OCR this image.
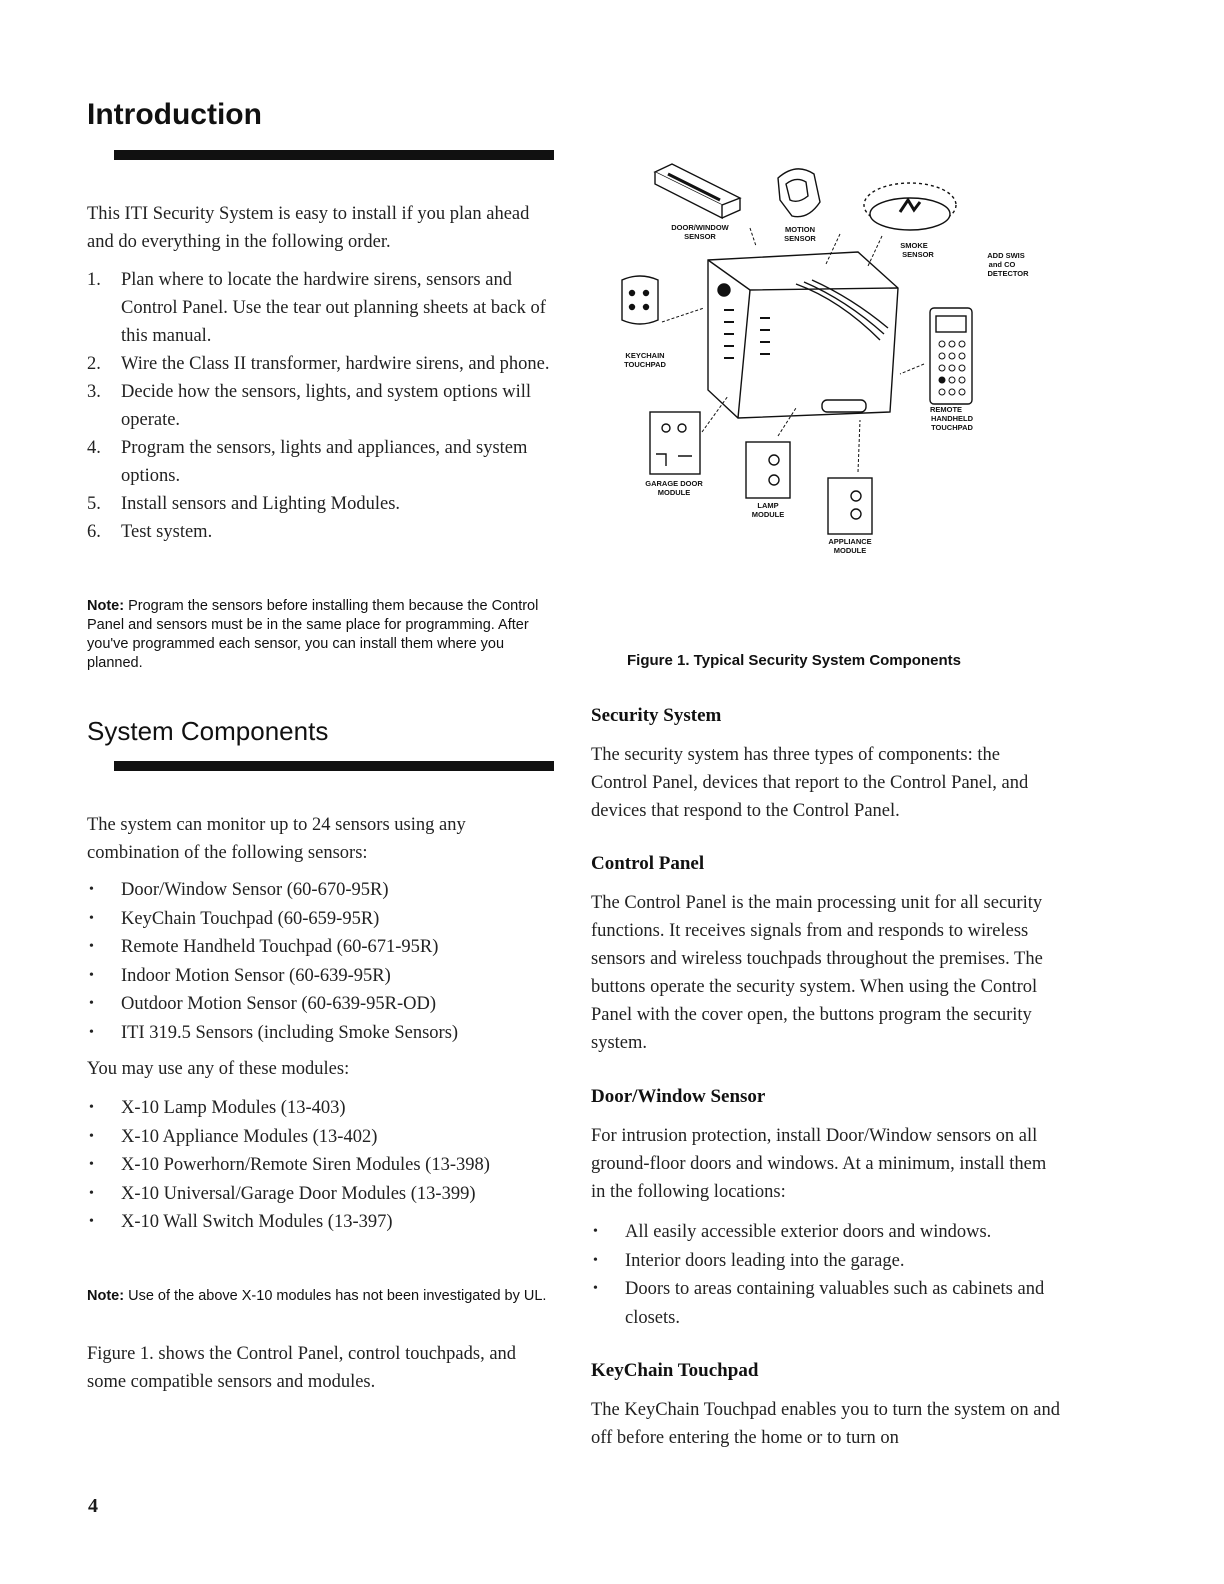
Introduction

This ITI Security System is easy to install if you plan ahead and do everything in the following order.

1. Plan where to locate the hardwire sirens, sensors and Control Panel. Use the tear out planning sheets at back of this manual.
2. Wire the Class II transformer, hardwire sirens, and phone.
3. Decide how the sensors, lights, and system options will operate.
4. Program the sensors, lights and appliances, and system options.
5. Install sensors and Lighting Modules.
6. Test system.

Note: Program the sensors before installing them because the Control Panel and sensors must be in the same place for programming. After you've programmed each sensor, you can install them where you planned.

System Components

The system can monitor up to 24 sensors using any combination of the following sensors:

• Door/Window Sensor (60-670-95R)
• KeyChain Touchpad (60-659-95R)
• Remote Handheld Touchpad (60-671-95R)
• Indoor Motion Sensor (60-639-95R)
• Outdoor Motion Sensor (60-639-95R-OD)
• ITI 319.5 Sensors (including Smoke Sensors)

You may use any of these modules:

• X-10 Lamp Modules (13-403)
• X-10 Appliance Modules (13-402)
• X-10 Powerhorn/Remote Siren Modules (13-398)
• X-10 Universal/Garage Door Modules (13-399)
• X-10 Wall Switch Modules (13-397)

Note: Use of the above X-10 modules has not been investigated by UL.

Figure 1. shows the Control Panel, control touchpads, and some compatible sensors and modules.

4
DOOR/WINDOW
SENSOR
MOTION
SENSOR
SMOKE
SENSOR	ADD SWIS
and CO
DETECTOR
KEYCHAIN
TOUCHPAD
REMOTE
HANDHELD
TOUCHPAD
GARAGE DOOR
MODULE
LAMP
MODULE
APPLIANCE
MODULE
Figure 1. Typical Security System Components
Security System

The security system has three types of components: the Control Panel, devices that report to the Control Panel, and devices that respond to the Control Panel.

Control Panel

The Control Panel is the main processing unit for all security functions. It receives signals from and responds to wireless sensors and wireless touchpads throughout the premises. The buttons operate the security system. When using the Control Panel with the cover open, the buttons program the security system.

Door/Window Sensor

For intrusion protection, install Door/Window sensors on all ground-floor doors and windows. At a minimum, install them in the following locations:

• All easily accessible exterior doors and windows.
• Interior doors leading into the garage.
• Doors to areas containing valuables such as cabinets and closets.
KeyChain Touchpad

The KeyChain Touchpad enables you to turn the system on and off before entering the home or to turn on
